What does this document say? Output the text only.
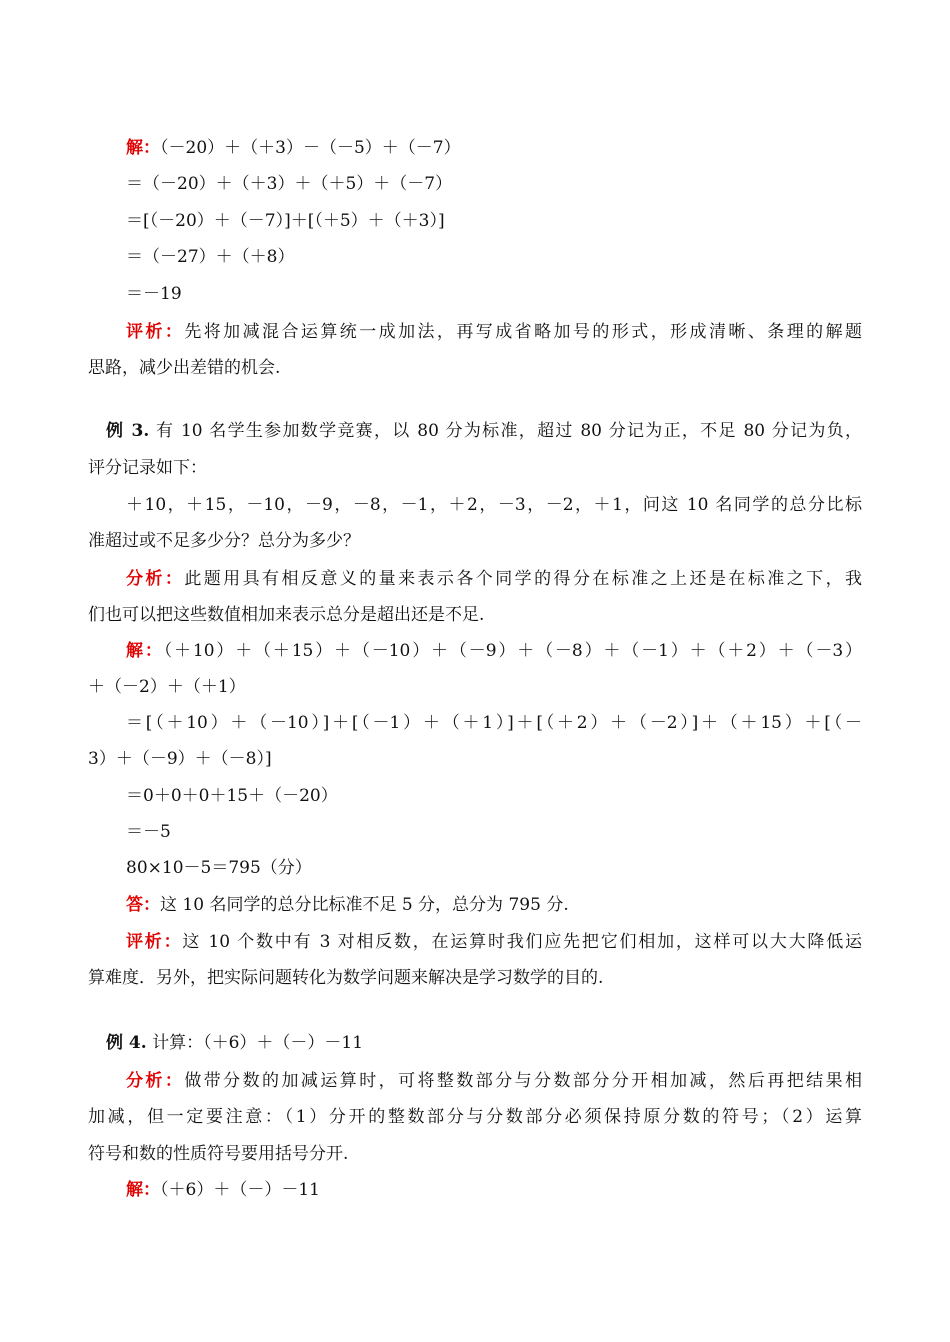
解：（－20）＋（＋3）－（－5）＋（－7）
＝（－20）＋（＋3）＋（＋5）＋（－7）
＝[（－20）＋（－7）]＋[（＋5）＋（＋3）]
＝（－27）＋（＋8）
＝－19
评析：先将加减混合运算统一成加法，再写成省略加号的形式，形成清晰、条理的解题
思路，减少出差错的机会.
例 3. 有 10 名学生参加数学竞赛，以 80 分为标准，超过 80 分记为正，不足 80 分记为负，
评分记录如下：
＋10，＋15，－10，－9，－8，－1，＋2，－3，－2，＋1，问这 10 名同学的总分比标
准超过或不足多少分？总分为多少？
分析：此题用具有相反意义的量来表示各个同学的得分在标准之上还是在标准之下，我
们也可以把这些数值相加来表示总分是超出还是不足.
解：（＋10）＋（＋15）＋（－10）＋（－9）＋（－8）＋（－1）＋（＋2）＋（－3）
＋（－2）＋（＋1）
＝[（＋10）＋（－10）]＋[（－1）＋（＋1）]＋[（＋2）＋（－2）]＋（＋15）＋[（－
3）＋（－9）＋（－8）]
＝0＋0＋0＋15＋（－20）
＝－5
80×10－5＝795（分）
答：这 10 名同学的总分比标准不足 5 分，总分为 795 分.
评析：这 10 个数中有 3 对相反数，在运算时我们应先把它们相加，这样可以大大降低运
算难度．另外，把实际问题转化为数学问题来解决是学习数学的目的.
例 4. 计算：（＋6）＋（－）－11
分析：做带分数的加减运算时，可将整数部分与分数部分分开相加减，然后再把结果相
加减，但一定要注意：（1）分开的整数部分与分数部分必须保持原分数的符号；（2）运算
符号和数的性质符号要用括号分开.
解：（＋6）＋（－）－11
